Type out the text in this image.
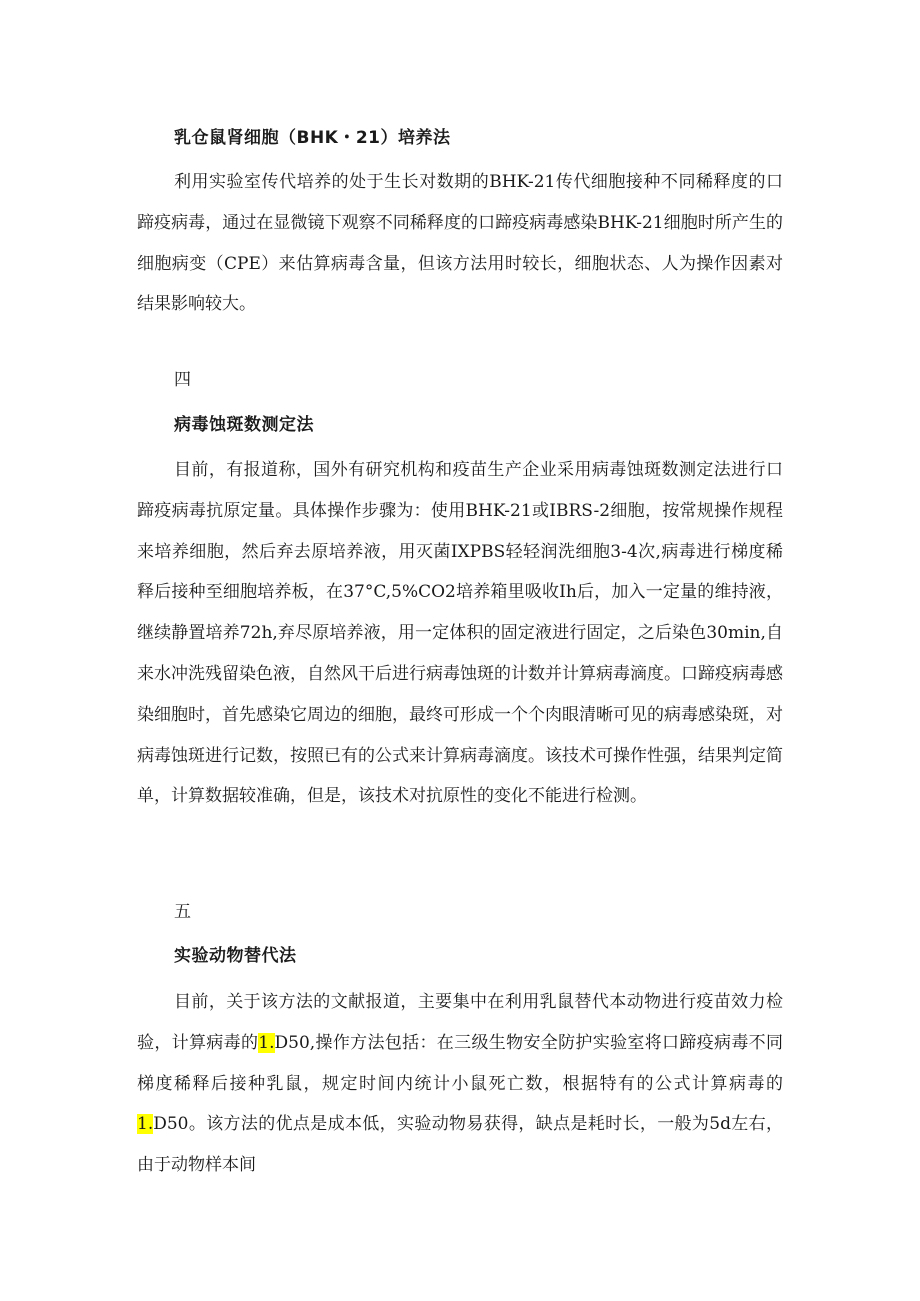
乳仓鼠肾细胞（BHK・21）培养法

利用实验室传代培养的处于生长对数期的BHK-21传代细胞接种不同稀释度的口蹄疫病毒，通过在显微镜下观察不同稀释度的口蹄疫病毒感染BHK-21细胞时所产生的细胞病变（CPE）来估算病毒含量，但该方法用时较长，细胞状态、人为操作因素对结果影响较大。

四
病毒蚀斑数测定法

目前，有报道称，国外有研究机构和疫苗生产企业采用病毒蚀斑数测定法进行口蹄疫病毒抗原定量。具体操作步骤为：使用BHK-21或IBRS-2细胞，按常规操作规程来培养细胞，然后弃去原培养液，用灭菌IXPBS轻轻润洗细胞3-4次,病毒进行梯度稀释后接种至细胞培养板，在37°C,5%CO2培养箱里吸收Ih后，加入一定量的维持液，继续静置培养72h,弃尽原培养液，用一定体积的固定液进行固定，之后染色30min,自来水冲洗残留染色液，自然风干后进行病毒蚀斑的计数并计算病毒滴度。口蹄疫病毒感染细胞时，首先感染它周边的细胞，最终可形成一个个肉眼清晰可见的病毒感染斑，对病毒蚀斑进行记数，按照已有的公式来计算病毒滴度。该技术可操作性强，结果判定简单，计算数据较准确，但是，该技术对抗原性的变化不能进行检测。

五
实验动物替代法

目前，关于该方法的文献报道，主要集中在利用乳鼠替代本动物进行疫苗效力检验，计算病毒的1.D50,操作方法包括：在三级生物安全防护实验室将口蹄疫病毒不同梯度稀释后接种乳鼠，规定时间内统计小鼠死亡数，根据特有的公式计算病毒的1.D50。该方法的优点是成本低，实验动物易获得，缺点是耗时长，一般为5d左右，由于动物样本间
